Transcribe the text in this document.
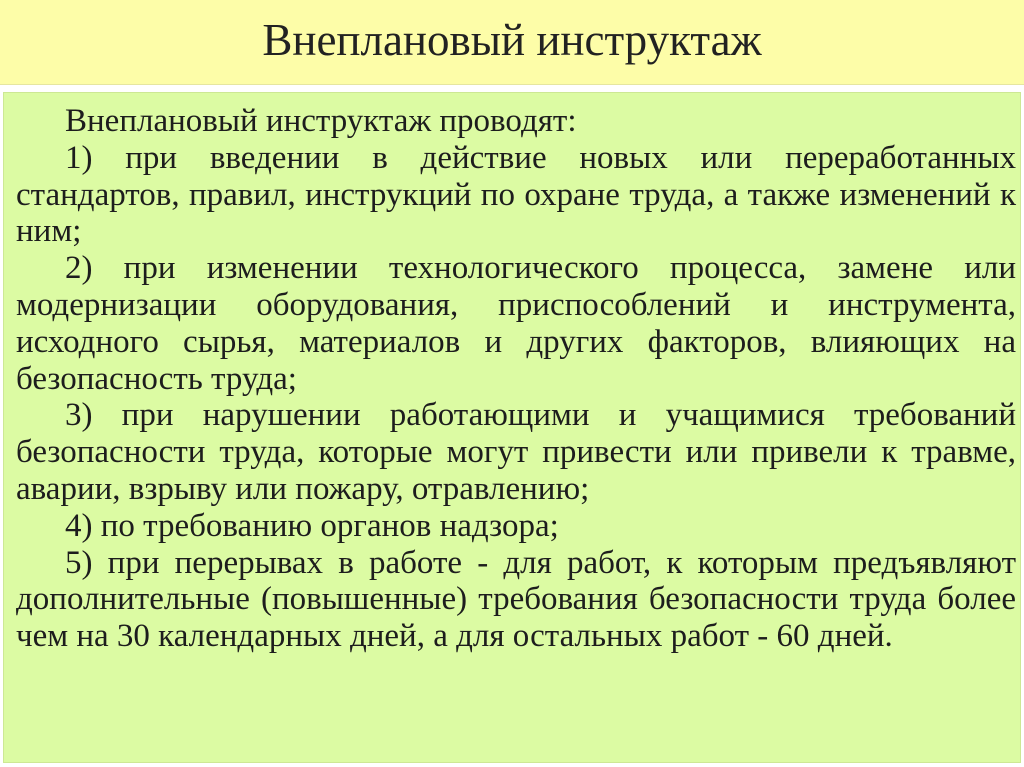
Внеплановый инструктаж
Внеплановый инструктаж проводят:

1) при введении в действие новых или переработанных стандартов, правил, инструкций по охране труда, а также изменений к ним;

2) при изменении технологического процесса, замене или модернизации оборудования, приспособлений и инструмента, исходного сырья, материалов и других факторов, влияющих на безопасность труда;

3) при нарушении работающими и учащимися требований безопасности труда, которые могут привести или привели к травме, аварии, взрыву или пожару, отравлению;

4) по требованию органов надзора;

5) при перерывах в работе - для работ, к которым предъявляют дополнительные (повышенные) требования безопасности труда более чем на 30 календарных дней, а для остальных работ - 60 дней.
